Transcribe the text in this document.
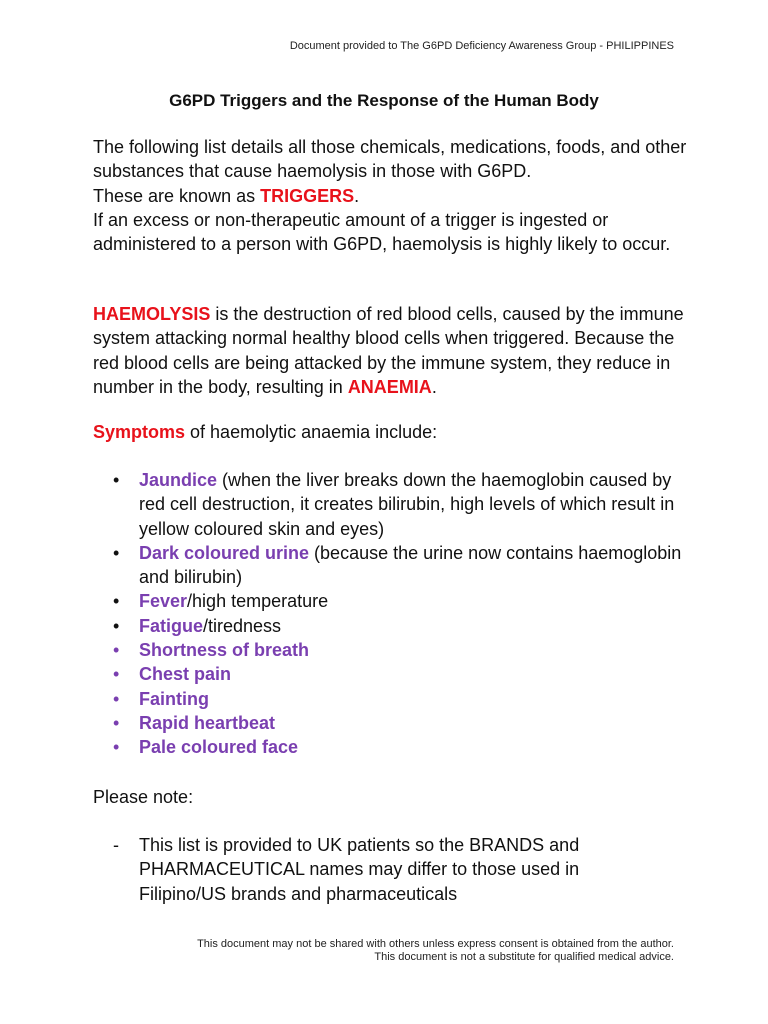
Document provided to The G6PD Deficiency Awareness Group - PHILIPPINES
G6PD Triggers and the Response of the Human Body
The following list details all those chemicals, medications, foods, and other substances that cause haemolysis in those with G6PD.
These are known as TRIGGERS.
If an excess or non-therapeutic amount of a trigger is ingested or administered to a person with G6PD, haemolysis is highly likely to occur.
HAEMOLYSIS is the destruction of red blood cells, caused by the immune system attacking normal healthy blood cells when triggered. Because the red blood cells are being attacked by the immune system, they reduce in number in the body, resulting in ANAEMIA.
Symptoms of haemolytic anaemia include:
• Jaundice (when the liver breaks down the haemoglobin caused by red cell destruction, it creates bilirubin, high levels of which result in yellow coloured skin and eyes)
• Dark coloured urine (because the urine now contains haemoglobin and bilirubin)
• Fever/high temperature
• Fatigue/tiredness
• Shortness of breath
• Chest pain
• Fainting
• Rapid heartbeat
• Pale coloured face
Please note:
-	This list is provided to UK patients so the BRANDS and PHARMACEUTICAL names may differ to those used in Filipino/US brands and pharmaceuticals
This document may not be shared with others unless express consent is obtained from the author.
This document is not a substitute for qualified medical advice.
